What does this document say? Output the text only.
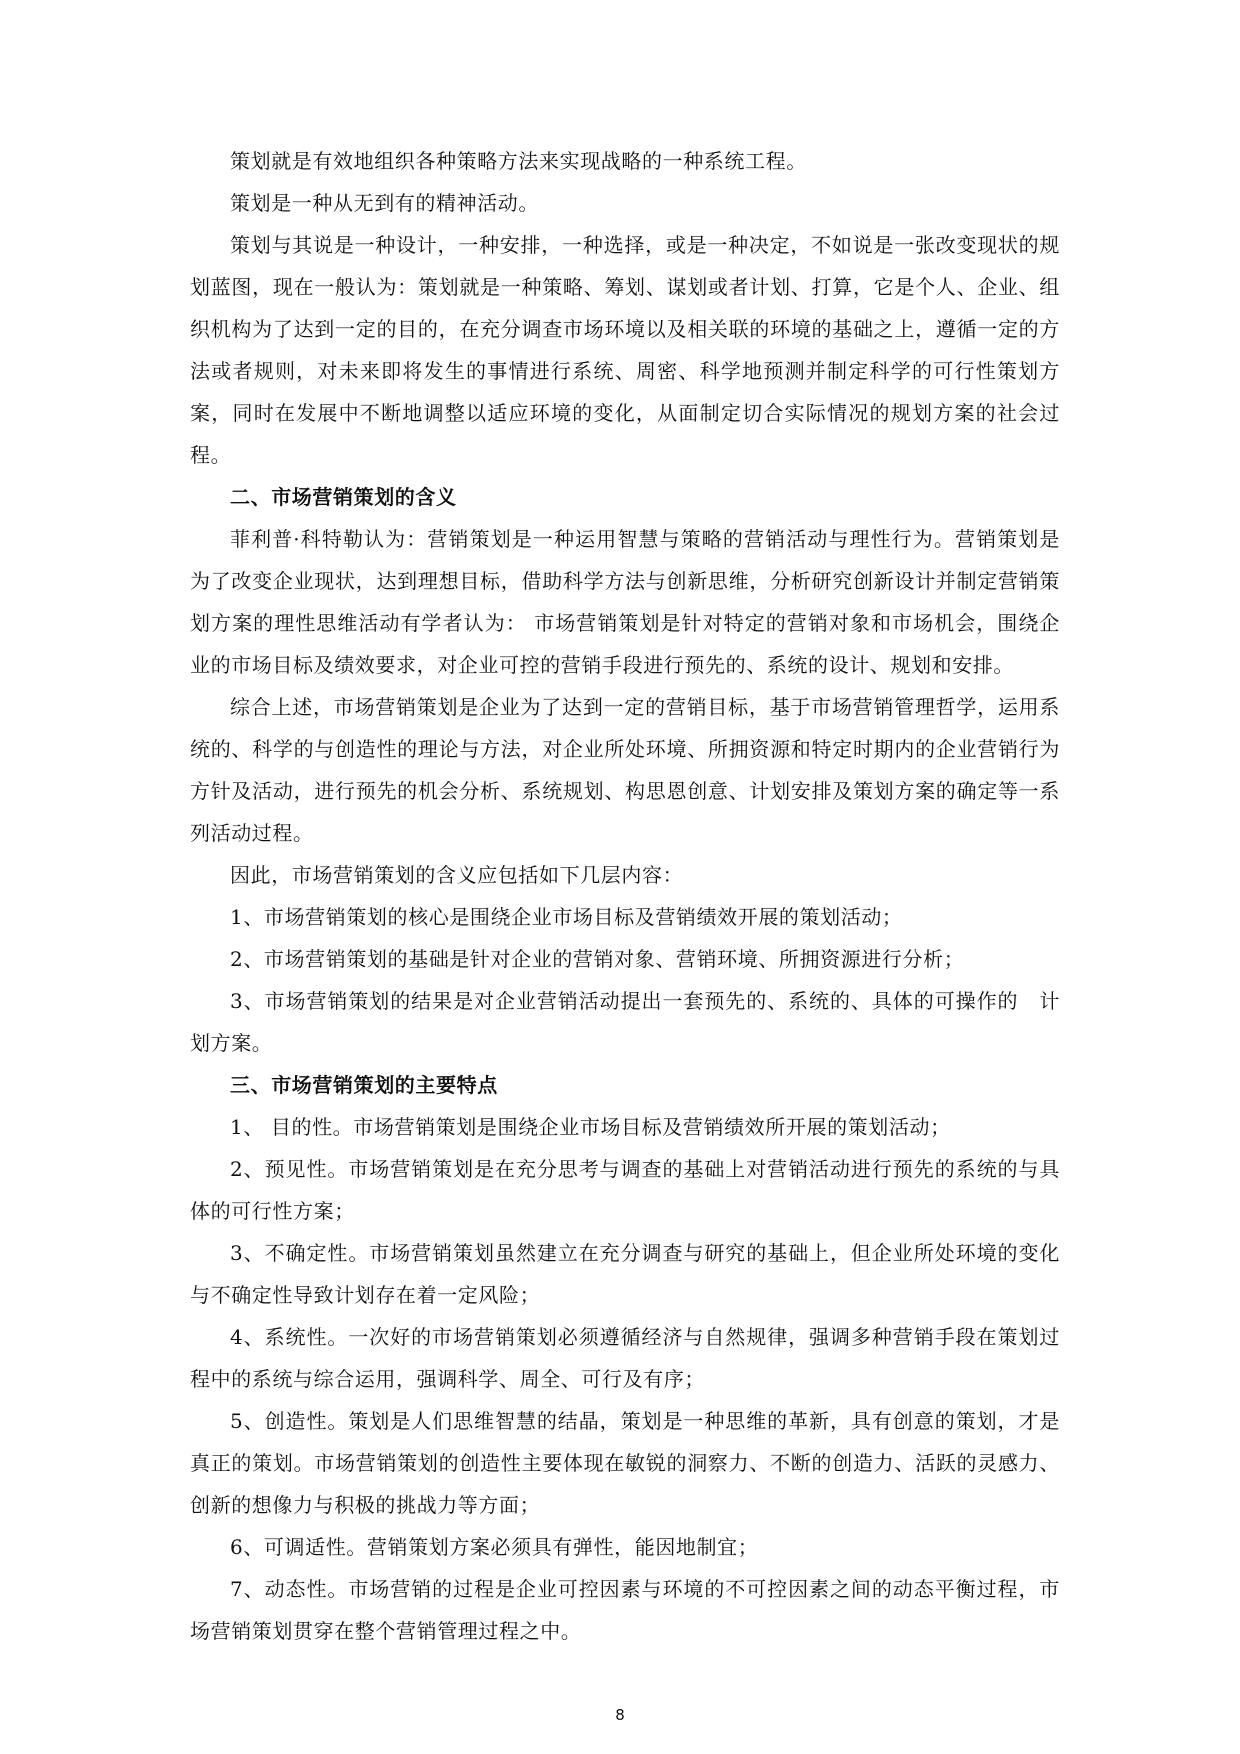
策划就是有效地组织各种策略方法来实现战略的一种系统工程。

策划是一种从无到有的精神活动。

策划与其说是一种设计，一种安排，一种选择，或是一种决定，不如说是一张改变现状的规划蓝图，现在一般认为：策划就是一种策略、筹划、谋划或者计划、打算，它是个人、企业、组织机构为了达到一定的目的，在充分调查市场环境以及相关联的环境的基础之上，遵循一定的方法或者规则，对未来即将发生的事情进行系统、周密、科学地预测并制定科学的可行性策划方案，同时在发展中不断地调整以适应环境的变化，从面制定切合实际情况的规划方案的社会过程。

二、市场营销策划的含义

菲利普·科特勒认为：营销策划是一种运用智慧与策略的营销活动与理性行为。营销策划是为了改变企业现状，达到理想目标，借助科学方法与创新思维，分析研究创新设计并制定营销策划方案的理性思维活动有学者认为： 市场营销策划是针对特定的营销对象和市场机会，围绕企业的市场目标及绩效要求，对企业可控的营销手段进行预先的、系统的设计、规划和安排。

综合上述，市场营销策划是企业为了达到一定的营销目标，基于市场营销管理哲学，运用系统的、科学的与创造性的理论与方法，对企业所处环境、所拥资源和特定时期内的企业营销行为方针及活动，进行预先的机会分析、系统规划、构思恩创意、计划安排及策划方案的确定等一系列活动过程。

因此，市场营销策划的含义应包括如下几层内容：

1、市场营销策划的核心是围绕企业市场目标及营销绩效开展的策划活动；

2、市场营销策划的基础是针对企业的营销对象、营销环境、所拥资源进行分析；

3、市场营销策划的结果是对企业营销活动提出一套预先的、系统的、具体的可操作的　计划方案。

三、市场营销策划的主要特点

1、 目的性。市场营销策划是围绕企业市场目标及营销绩效所开展的策划活动；

2、预见性。市场营销策划是在充分思考与调查的基础上对营销活动进行预先的系统的与具体的可行性方案；

3、不确定性。市场营销策划虽然建立在充分调查与研究的基础上，但企业所处环境的变化与不确定性导致计划存在着一定风险；

4、系统性。一次好的市场营销策划必须遵循经济与自然规律，强调多种营销手段在策划过程中的系统与综合运用，强调科学、周全、可行及有序；

5、创造性。策划是人们思维智慧的结晶，策划是一种思维的革新，具有创意的策划，才是真正的策划。市场营销策划的创造性主要体现在敏锐的洞察力、不断的创造力、活跃的灵感力、创新的想像力与积极的挑战力等方面；

6、可调适性。营销策划方案必须具有弹性，能因地制宜；

7、动态性。市场营销的过程是企业可控因素与环境的不可控因素之间的动态平衡过程，市场营销策划贯穿在整个营销管理过程之中。

8
